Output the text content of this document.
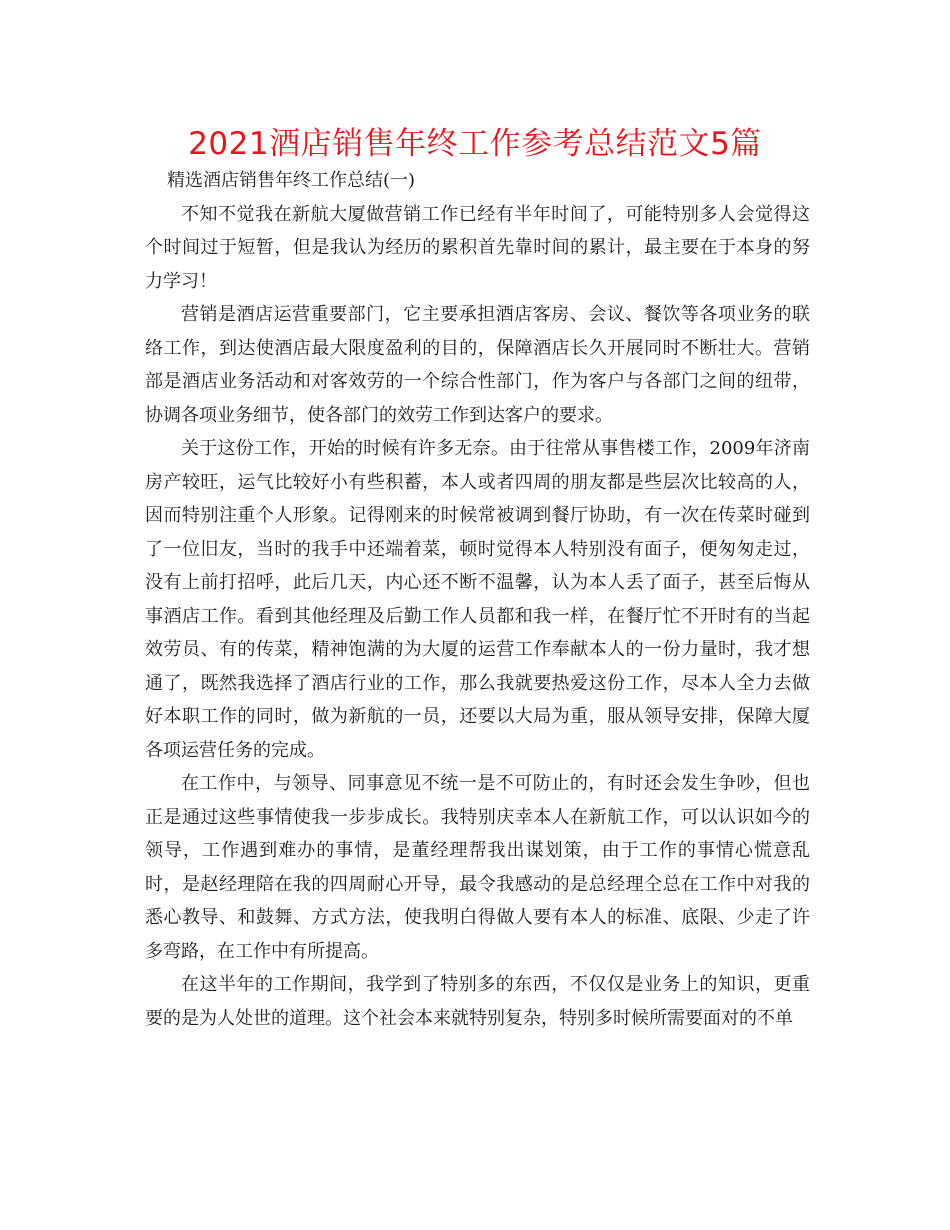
2021酒店销售年终工作参考总结范文5篇

精选酒店销售年终工作总结(一)

不知不觉我在新航大厦做营销工作已经有半年时间了，可能特别多人会觉得这个时间过于短暂，但是我认为经历的累积首先靠时间的累计，最主要在于本身的努力学习！

营销是酒店运营重要部门，它主要承担酒店客房、会议、餐饮等各项业务的联络工作，到达使酒店最大限度盈利的目的，保障酒店长久开展同时不断壮大。营销部是酒店业务活动和对客效劳的一个综合性部门，作为客户与各部门之间的纽带，协调各项业务细节，使各部门的效劳工作到达客户的要求。

关于这份工作，开始的时候有许多无奈。由于往常从事售楼工作，2009年济南房产较旺，运气比较好小有些积蓄，本人或者四周的朋友都是些层次比较高的人，因而特别注重个人形象。记得刚来的时候常被调到餐厅协助，有一次在传菜时碰到了一位旧友，当时的我手中还端着菜，顿时觉得本人特别没有面子，便匆匆走过，没有上前打招呼，此后几天，内心还不断不温馨，认为本人丢了面子，甚至后悔从事酒店工作。看到其他经理及后勤工作人员都和我一样，在餐厅忙不开时有的当起效劳员、有的传菜，精神饱满的为大厦的运营工作奉献本人的一份力量时，我才想通了，既然我选择了酒店行业的工作，那么我就要热爱这份工作，尽本人全力去做好本职工作的同时，做为新航的一员，还要以大局为重，服从领导安排，保障大厦各项运营任务的完成。

在工作中，与领导、同事意见不统一是不可防止的，有时还会发生争吵，但也正是通过这些事情使我一步步成长。我特别庆幸本人在新航工作，可以认识如今的领导，工作遇到难办的事情，是董经理帮我出谋划策，由于工作的事情心慌意乱时，是赵经理陪在我的四周耐心开导，最令我感动的是总经理仝总在工作中对我的悉心教导、和鼓舞、方式方法，使我明白得做人要有本人的标准、底限、少走了许多弯路，在工作中有所提高。

在这半年的工作期间，我学到了特别多的东西，不仅仅是业务上的知识，更重要的是为人处世的道理。这个社会本来就特别复杂，特别多时候所需要面对的不单
